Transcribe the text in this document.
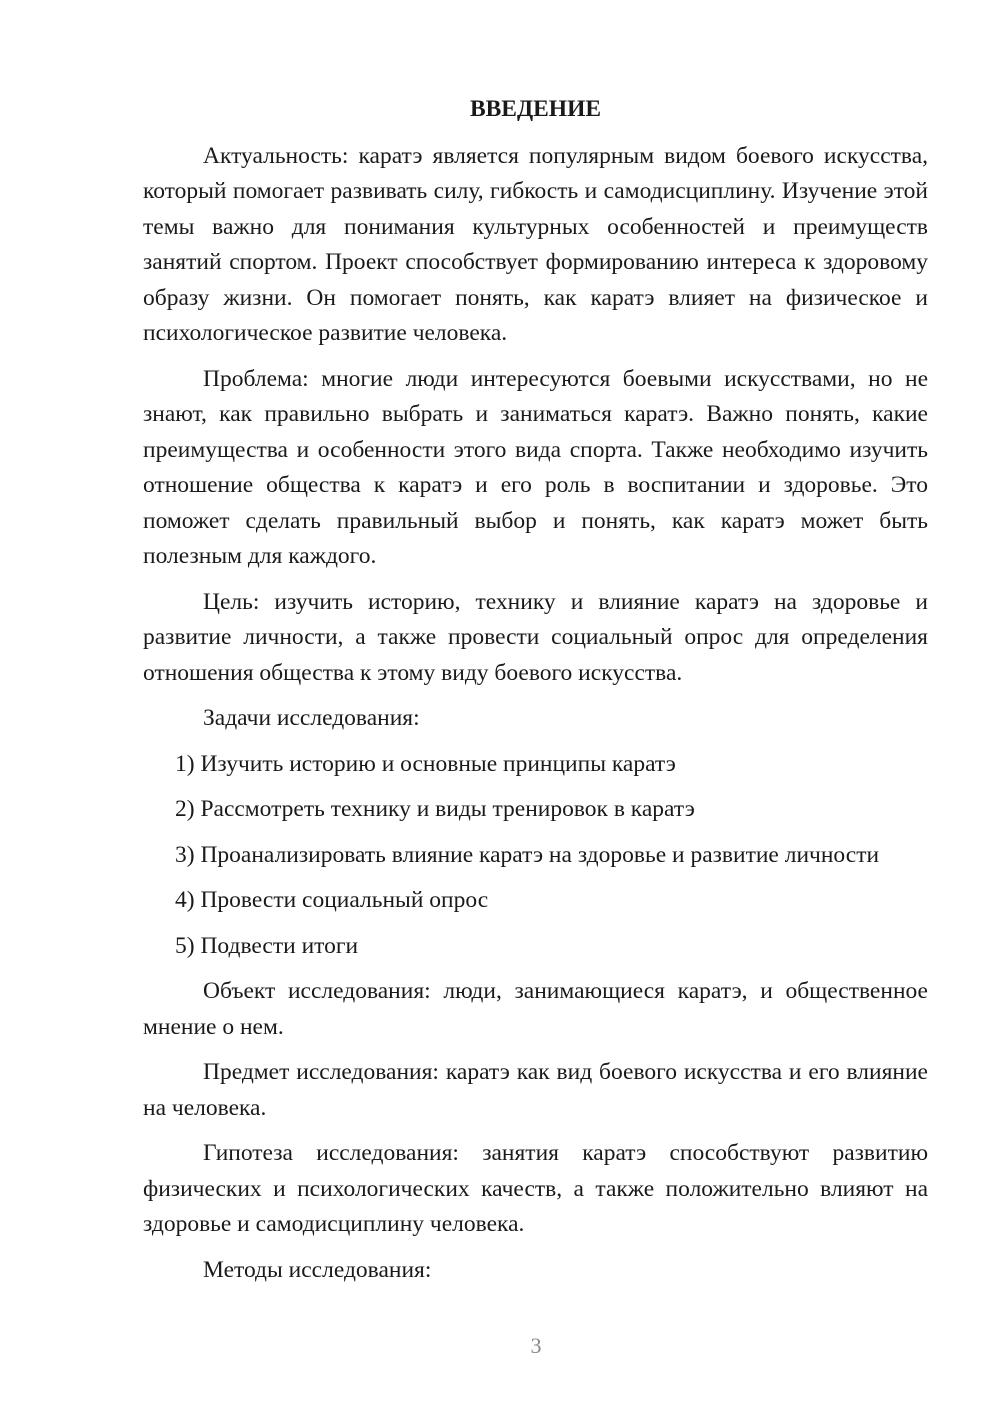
ВВЕДЕНИЕ

Актуальность: каратэ является популярным видом боевого искусства, который помогает развивать силу, гибкость и самодисциплину. Изучение этой темы важно для понимания культурных особенностей и преимуществ занятий спортом. Проект способствует формированию интереса к здоровому образу жизни. Он помогает понять, как каратэ влияет на физическое и психологическое развитие человека.

Проблема: многие люди интересуются боевыми искусствами, но не знают, как правильно выбрать и заниматься каратэ. Важно понять, какие преимущества и особенности этого вида спорта. Также необходимо изучить отношение общества к каратэ и его роль в воспитании и здоровье. Это поможет сделать правильный выбор и понять, как каратэ может быть полезным для каждого.

Цель: изучить историю, технику и влияние каратэ на здоровье и развитие личности, а также провести социальный опрос для определения отношения общества к этому виду боевого искусства.

Задачи исследования:

1) Изучить историю и основные принципы каратэ
2) Рассмотреть технику и виды тренировок в каратэ
3) Проанализировать влияние каратэ на здоровье и развитие личности
4) Провести социальный опрос
5) Подвести итоги

Объект исследования: люди, занимающиеся каратэ, и общественное мнение о нем.

Предмет исследования: каратэ как вид боевого искусства и его влияние на человека.

Гипотеза исследования: занятия каратэ способствуют развитию физических и психологических качеств, а также положительно влияют на здоровье и самодисциплину человека.

Методы исследования:

3
